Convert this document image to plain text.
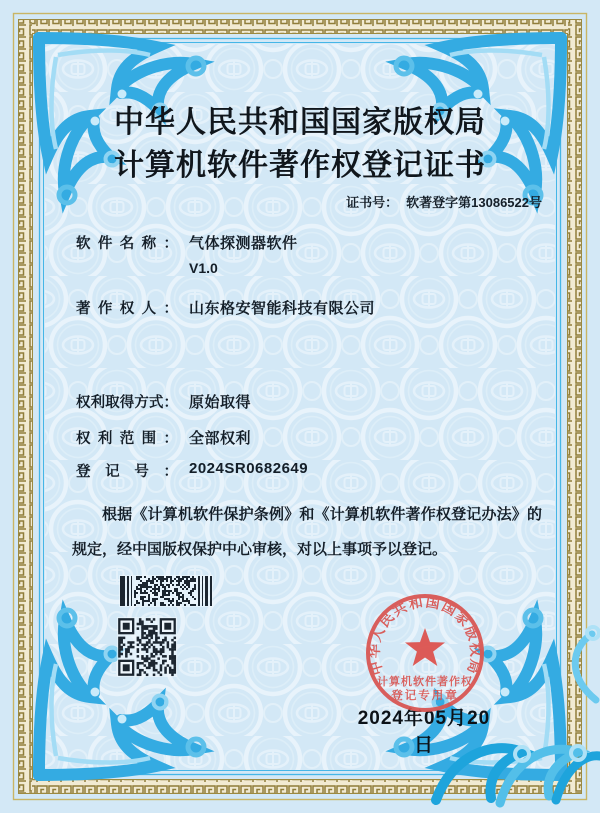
中华人民共和国国家版权局
计算机软件著作权登记证书
证书号： 软著登字第13086522号
软件名称： 气体探测器软件
V1.0
著作权人： 山东格安智能科技有限公司
权利取得方式： 原始取得
权利范围： 全部权利
登记号： 2024SR0682649

根据《计算机软件保护条例》和《计算机软件著作权登记办法》的规定，经中国版权保护中心审核，对以上事项予以登记。

中华人民共和国国家版权局
计算机软件著作权
登记专用章
2024年05月20日
